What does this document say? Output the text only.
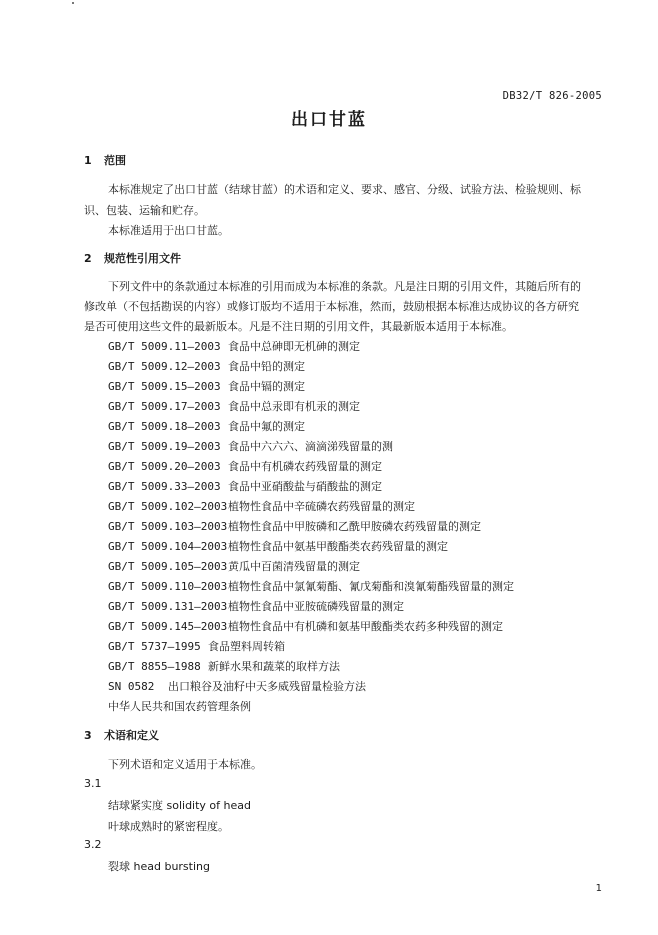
DB32/T 826-2005
出口甘蓝
1 范围
本标准规定了出口甘蓝（结球甘蓝）的术语和定义、要求、感官、分级、试验方法、检验规则、标
识、包装、运输和贮存。
本标准适用于出口甘蓝。
2 规范性引用文件
下列文件中的条款通过本标准的引用而成为本标准的条款。凡是注日期的引用文件，其随后所有的
修改单（不包括勘误的内容）或修订版均不适用于本标准，然而，鼓励根据本标准达成协议的各方研究
是否可使用这些文件的最新版本。凡是不注日期的引用文件，其最新版本适用于本标准。
GB/T 5009.11—2003 食品中总砷即无机砷的测定
GB/T 5009.12—2003 食品中铅的测定
GB/T 5009.15—2003 食品中镉的测定
GB/T 5009.17—2003 食品中总汞即有机汞的测定
GB/T 5009.18—2003 食品中氟的测定
GB/T 5009.19—2003 食品中六六六、滴滴涕残留量的测
GB/T 5009.20—2003 食品中有机磷农药残留量的测定
GB/T 5009.33—2003 食品中亚硝酸盐与硝酸盐的测定
GB/T 5009.102—2003植物性食品中辛硫磷农药残留量的测定
GB/T 5009.103—2003植物性食品中甲胺磷和乙酰甲胺磷农药残留量的测定
GB/T 5009.104—2003植物性食品中氨基甲酸酯类农药残留量的测定
GB/T 5009.105—2003黄瓜中百菌清残留量的测定
GB/T 5009.110—2003植物性食品中氯氰菊酯、氰戊菊酯和溴氰菊酯残留量的测定
GB/T 5009.131—2003植物性食品中亚胺硫磷残留量的测定
GB/T 5009.145—2003植物性食品中有机磷和氨基甲酸酯类农药多种残留的测定
GB/T 5737—1995 食品塑料周转箱
GB/T 8855—1988 新鲜水果和蔬菜的取样方法
SN 0582 出口粮谷及油籽中天多威残留量检验方法
中华人民共和国农药管理条例
3 术语和定义
下列术语和定义适用于本标准。
3.1
结球紧实度 solidity of head
叶球成熟时的紧密程度。
3.2
裂球 head bursting
1
